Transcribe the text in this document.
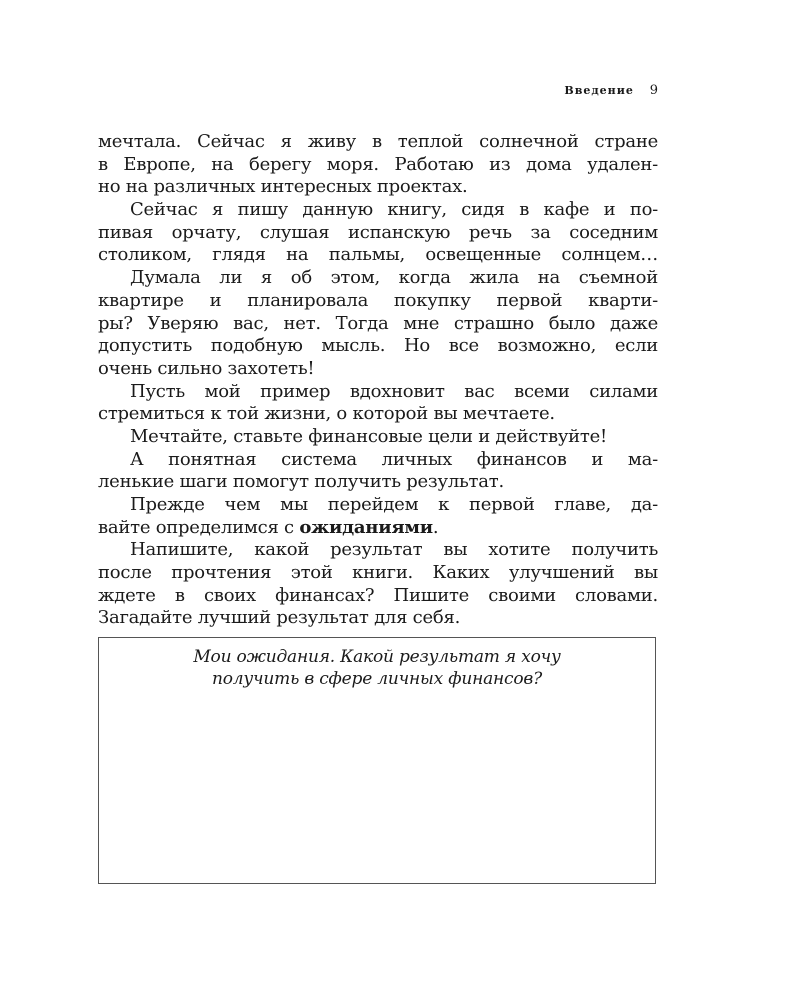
Введение 9
мечтала. Сейчас я живу в теплой солнечной стране
в Европе, на берегу моря. Работаю из дома удален-
но на различных интересных проектах.
Сейчас я пишу данную книгу, сидя в кафе и по-
пивая орчату, слушая испанскую речь за соседним
столиком, глядя на пальмы, освещенные солнцем…
Думала ли я об этом, когда жила на съемной
квартире и планировала покупку первой кварти-
ры? Уверяю вас, нет. Тогда мне страшно было даже
допустить подобную мысль. Но все возможно, если
очень сильно захотеть!
Пусть мой пример вдохновит вас всеми силами
стремиться к той жизни, о которой вы мечтаете.
Мечтайте, ставьте финансовые цели и действуйте!
А понятная система личных финансов и ма-
ленькие шаги помогут получить результат.
Прежде чем мы перейдем к первой главе, да-
вайте определимся с ожиданиями.
Напишите, какой результат вы хотите получить
после прочтения этой книги. Каких улучшений вы
ждете в своих финансах? Пишите своими словами.
Загадайте лучший результат для себя.
Мои ожидания. Какой результат я хочу
получить в сфере личных финансов?
